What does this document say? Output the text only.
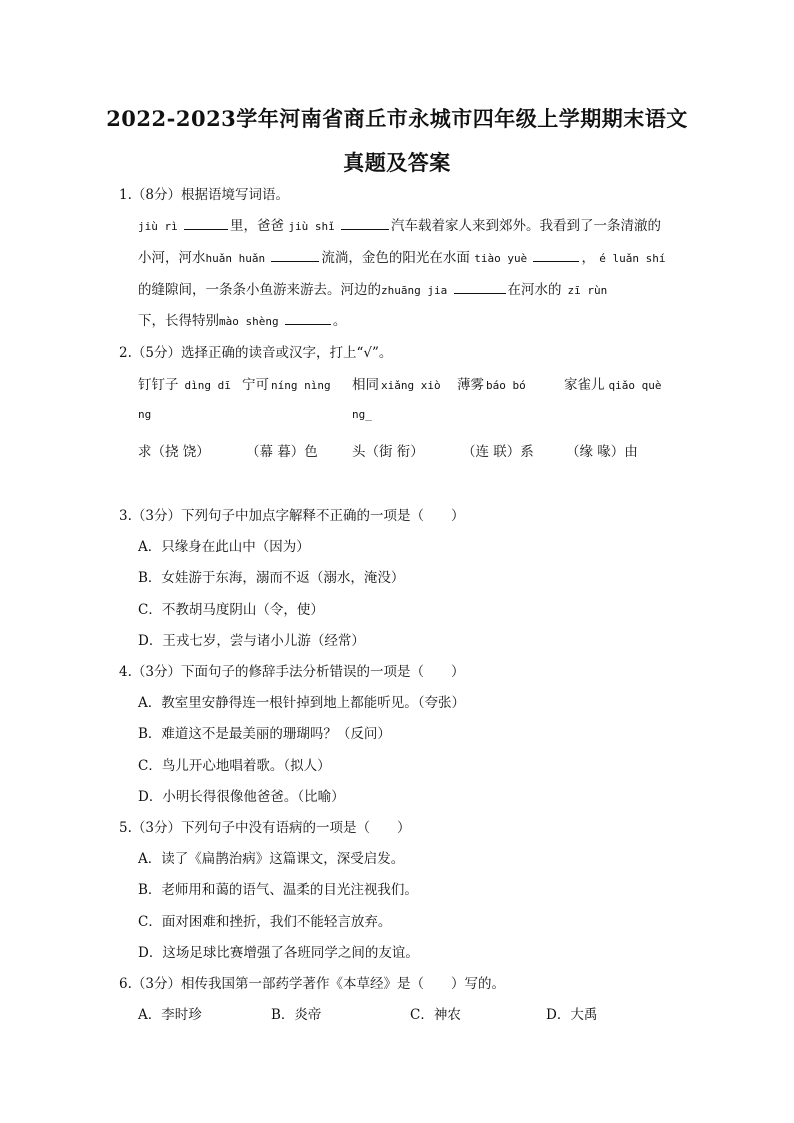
2022-2023学年河南省商丘市永城市四年级上学期期末语文
真题及答案
1.（8分）根据语境写词语。
jiù rì	里，爸爸 jiù shǐ	汽车载着家人来到郊外。我看到了一条清澈的
小河，河水huǎn huǎn	流淌，金色的阳光在水面 tiào yuè	， é luǎn shí
的缝隙间，一条条小鱼游来游去。河边的zhuāng jia	在河水的 zī rùn
下，长得特别mào shèng	。
2.（5分）选择正确的读音或汉字，打上“√”。
钉钉子 dìng dī 宁可 níng nìng 相同 xiǎng xiò 薄雾 báo bó	家雀儿 qiǎo què
ng	ng_
求（挠 饶）	（幕 暮）色	头（街 衔）	（连 联）系 （缘 喙）由
3.（3分）下列句子中加点字解释不正确的一项是（　　）
A．只缘身在此山中（因为）
B．女娃游于东海，溺而不返（溺水，淹没）
C．不教胡马度阴山（令，使）
D．王戎七岁，尝与诸小儿游（经常）
4.（3分）下面句子的修辞手法分析错误的一项是（　　）
A．教室里安静得连一根针掉到地上都能听见。（夸张）
B．难道这不是最美丽的珊瑚吗？（反问）
C．鸟儿开心地唱着歌。（拟人）
D．小明长得很像他爸爸。（比喻）
5.（3分）下列句子中没有语病的一项是（　　）
A．读了《扁鹊治病》这篇课文，深受启发。
B．老师用和蔼的语气、温柔的目光注视我们。
C．面对困难和挫折，我们不能轻言放弃。
D．这场足球比赛增强了各班同学之间的友谊。
6.（3分）相传我国第一部药学著作《本草经》是（　　）写的。
A．李时珍	B．炎帝	C．神农	D．大禹
